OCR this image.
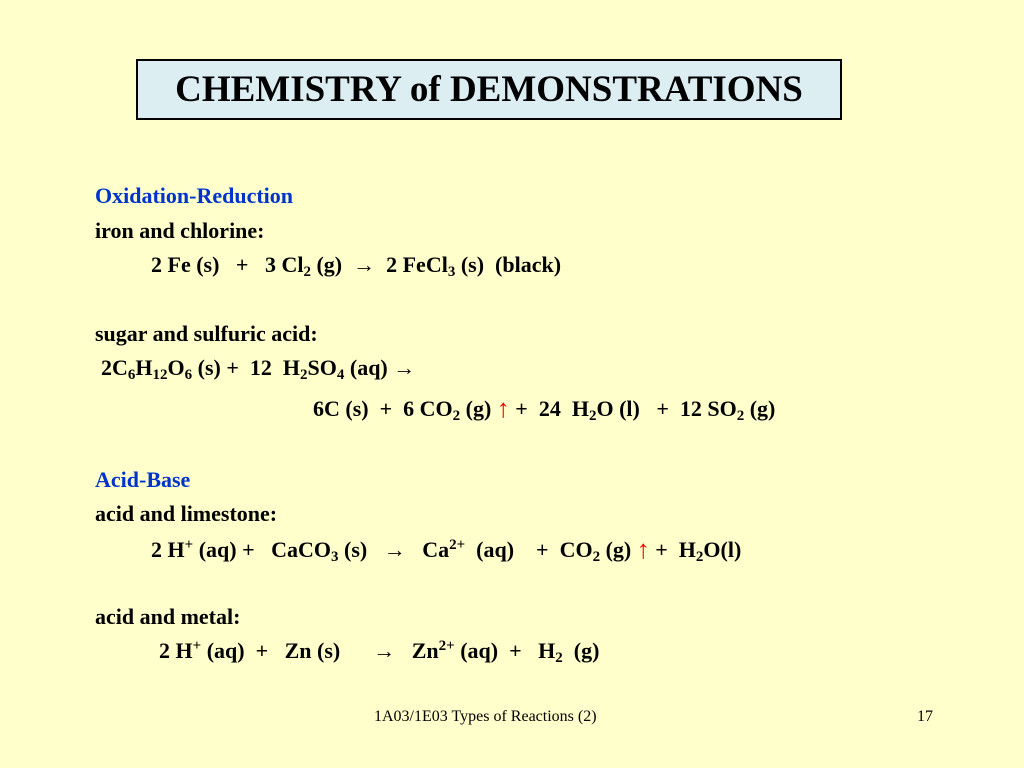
CHEMISTRY of DEMONSTRATIONS
Oxidation-Reduction
iron and chlorine:
2 Fe (s)   +   3 $Cl_2$ (g)  →  2 FeCl$_3$ (s)  (black)
sugar and sulfuric acid:
$2C_6H_{12}O_6$ (s) +  12  $H_2SO_4$ (aq) →
6C (s)  +  6 $CO_2$ (g) ↑ +  24  $H_2O$ (l)   +  12 $SO_2$ (g)
Acid-Base
acid and limestone:
2 H+ (aq) +   CaCO$_3$ $(s) \to Ca^{2+}$  (aq)    +  $CO_2$ (g) ↑ +  $H_2O(l)$
acid and metal:
2 H+ (aq)  +   Zn (s)      →   $Zn^{2+}$ $(aq) + H_2$  (g)
1A03/1E03 Types of Reactions (2)	17
